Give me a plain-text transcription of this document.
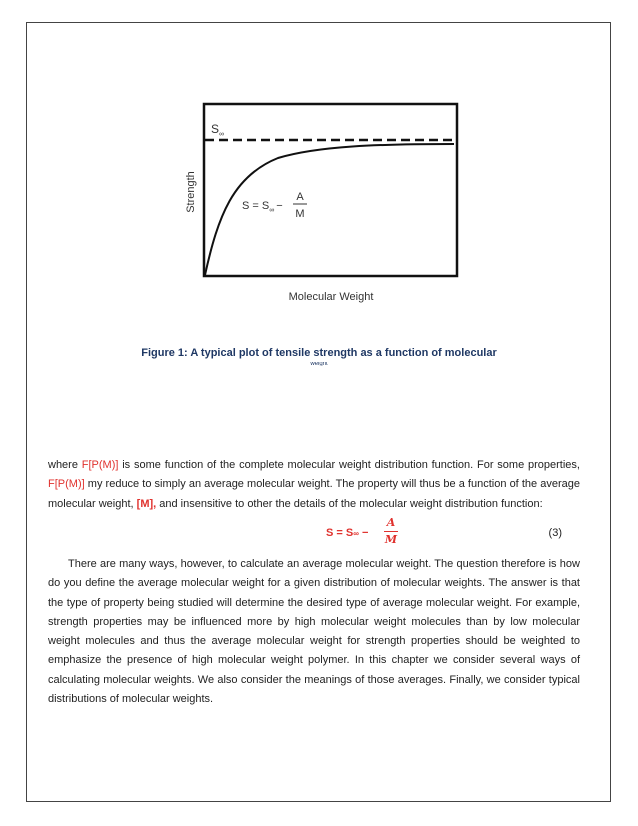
$S_\infty$
Strength
Molecular Weight
$S = S_\infty$ −
A
M
Figure 1: A typical plot of tensile strength as a function of molecular
weight
where F[P(M)] is some function of the complete molecular weight distribution function. For some properties, F[P(M)] my reduce to simply an average molecular weight. The property will thus be a function of the average molecular weight, [M], and insensitive to other the details of the molecular weight distribution function:
S = S∞ −
A
M	(3)
There are many ways, however, to calculate an average molecular weight. The question therefore is how do you define the average molecular weight for a given distribution of molecular weights. The answer is that the type of property being studied will determine the desired type of average molecular weight. For example, strength properties may be influenced more by high molecular weight molecules than by low molecular weight molecules and thus the average molecular weight for strength properties should be weighted to emphasize the presence of high molecular weight polymer. In this chapter we consider several ways of calculating molecular weights. We also consider the meanings of those averages. Finally, we consider typical distributions of molecular weights.
